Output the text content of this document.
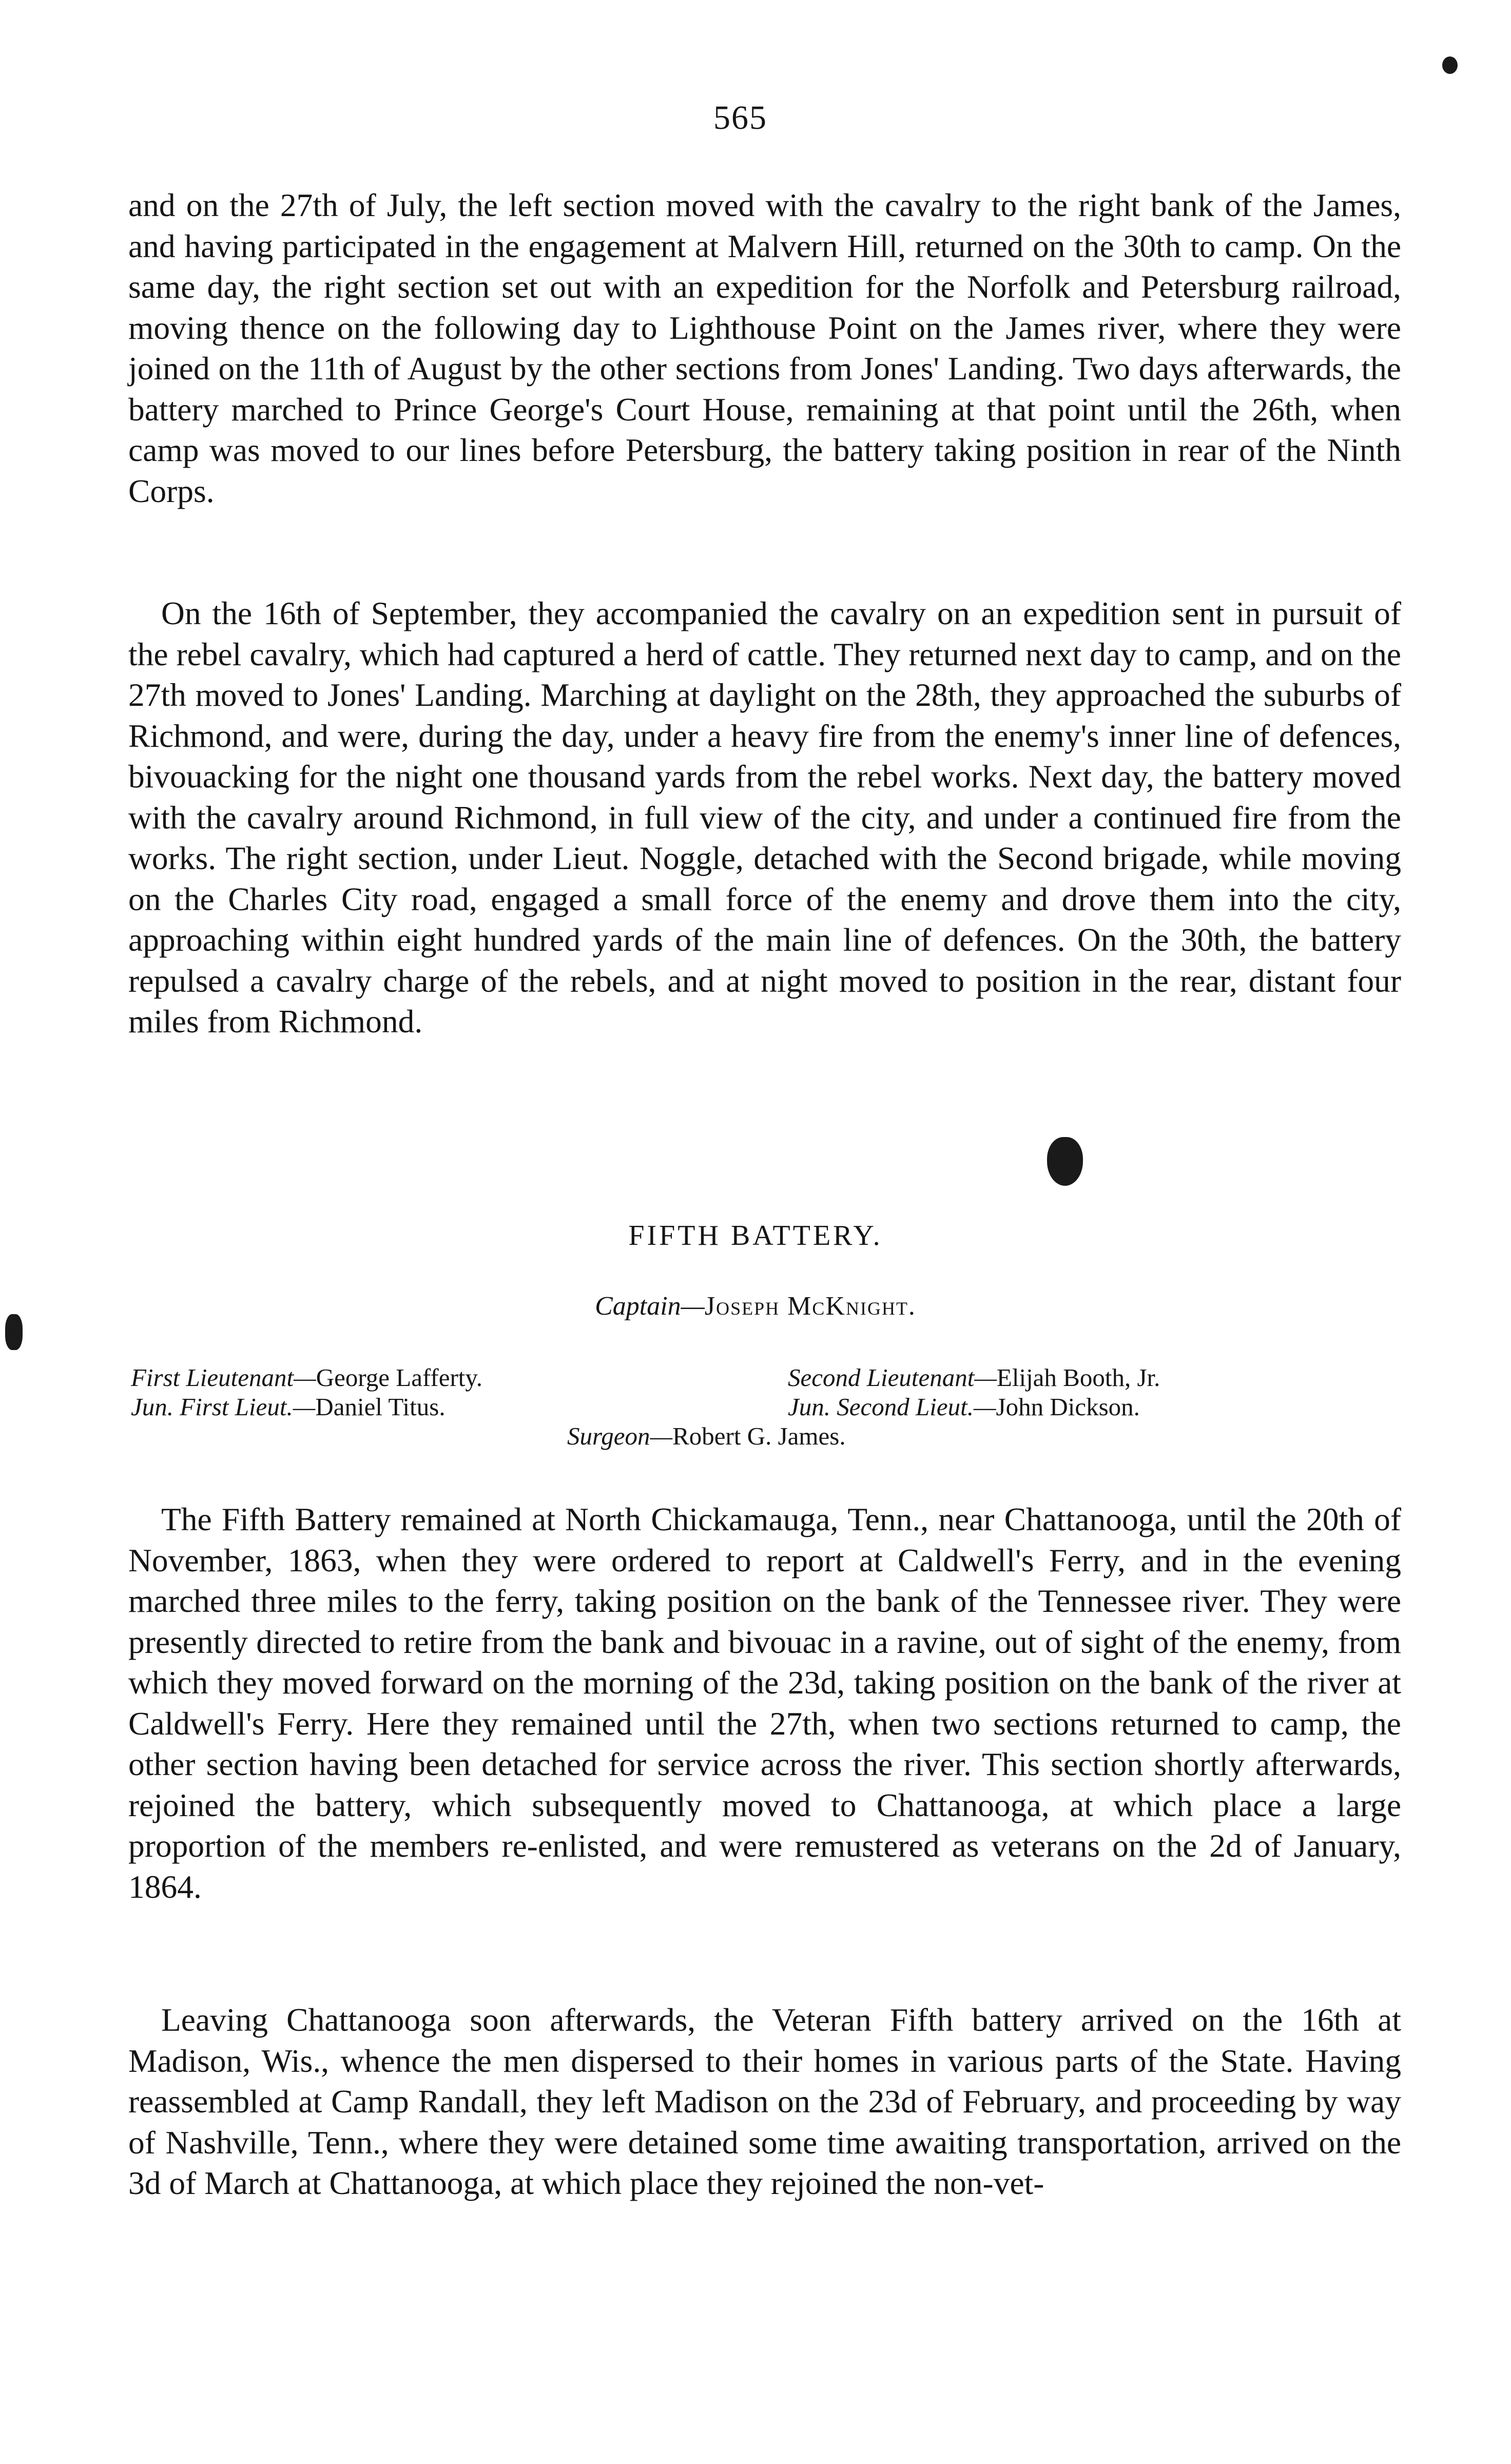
565

and on the 27th of July, the left section moved with the cavalry to the right bank of the James, and having participated in the engagement at Malvern Hill, returned on the 30th to camp. On the same day, the right section set out with an expedition for the Norfolk and Petersburg railroad, moving thence on the following day to Lighthouse Point on the James river, where they were joined on the 11th of August by the other sections from Jones' Landing. Two days afterwards, the battery marched to Prince George's Court House, remaining at that point until the 26th, when camp was moved to our lines before Petersburg, the battery taking position in rear of the Ninth Corps.

On the 16th of September, they accompanied the cavalry on an expedition sent in pursuit of the rebel cavalry, which had captured a herd of cattle. They returned next day to camp, and on the 27th moved to Jones' Landing. Marching at daylight on the 28th, they approached the suburbs of Richmond, and were, during the day, under a heavy fire from the enemy's inner line of defences, bivouacking for the night one thousand yards from the rebel works. Next day, the battery moved with the cavalry around Richmond, in full view of the city, and under a continued fire from the works. The right section, under Lieut. Noggle, detached with the Second brigade, while moving on the Charles City road, engaged a small force of the enemy and drove them into the city, approaching within eight hundred yards of the main line of defences. On the 30th, the battery repulsed a cavalry charge of the rebels, and at night moved to position in the rear, distant four miles from Richmond.

FIFTH BATTERY.
Captain—Joseph McKnight.
First Lieutenant—George Lafferty.
Jun. First Lieut.—Daniel Titus.
Second Lieutenant—Elijah Booth, Jr.
Jun. Second Lieut.—John Dickson.
Surgeon—Robert G. James.

The Fifth Battery remained at North Chickamauga, Tenn., near Chattanooga, until the 20th of November, 1863, when they were ordered to report at Caldwell's Ferry, and in the evening marched three miles to the ferry, taking position on the bank of the Tennessee river. They were presently directed to retire from the bank and bivouac in a ravine, out of sight of the enemy, from which they moved forward on the morning of the 23d, taking position on the bank of the river at Caldwell's Ferry. Here they remained until the 27th, when two sections returned to camp, the other section having been detached for service across the river. This section shortly afterwards, rejoined the battery, which subsequently moved to Chattanooga, at which place a large proportion of the members re-enlisted, and were remustered as veterans on the 2d of January, 1864.

Leaving Chattanooga soon afterwards, the Veteran Fifth battery arrived on the 16th at Madison, Wis., whence the men dispersed to their homes in various parts of the State. Having reassembled at Camp Randall, they left Madison on the 23d of February, and proceeding by way of Nashville, Tenn., where they were detained some time awaiting transportation, arrived on the 3d of March at Chattanooga, at which place they rejoined the non-vet-
